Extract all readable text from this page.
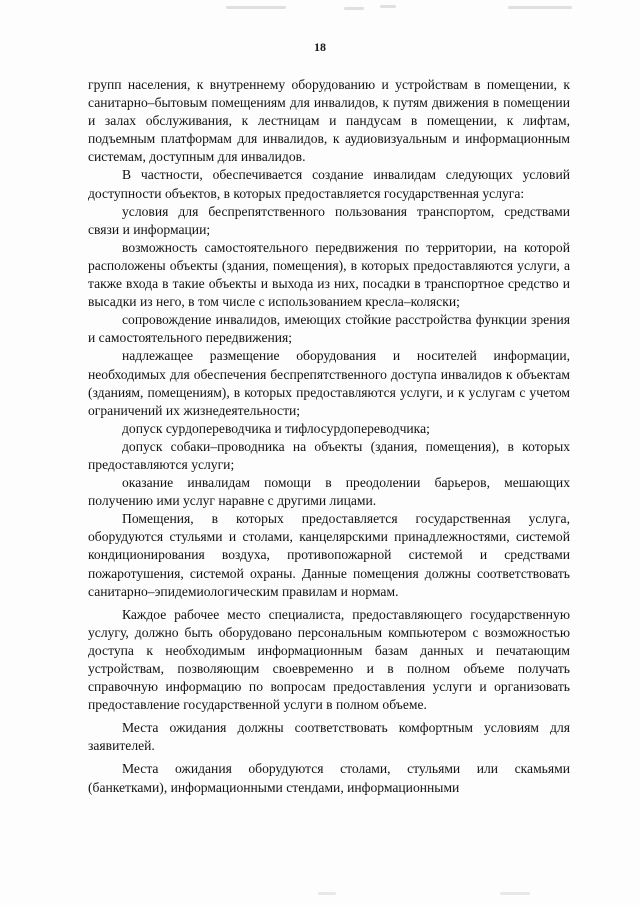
18

групп населения, к внутреннему оборудованию и устройствам в помещении, к санитарно–бытовым помещениям для инвалидов, к путям движения в помещении и залах обслуживания, к лестницам и пандусам в помещении, к лифтам, подъемным платформам для инвалидов, к аудиовизуальным и информационным системам, доступным для инвалидов.

В частности, обеспечивается создание инвалидам следующих условий доступности объектов, в которых предоставляется государственная услуга:

условия для беспрепятственного пользования транспортом, средствами связи и информации;

возможность самостоятельного передвижения по территории, на которой расположены объекты (здания, помещения), в которых предоставляются услуги, а также входа в такие объекты и выхода из них, посадки в транспортное средство и высадки из него, в том числе с использованием кресла–коляски;

сопровождение инвалидов, имеющих стойкие расстройства функции зрения и самостоятельного передвижения;

надлежащее размещение оборудования и носителей информации, необходимых для обеспечения беспрепятственного доступа инвалидов к объектам (зданиям, помещениям), в которых предоставляются услуги, и к услугам с учетом ограничений их жизнедеятельности;

допуск сурдопереводчика и тифлосурдопереводчика;

допуск собаки–проводника на объекты (здания, помещения), в которых предоставляются услуги;

оказание инвалидам помощи в преодолении барьеров, мешающих получению ими услуг наравне с другими лицами.

Помещения, в которых предоставляется государственная услуга, оборудуются стульями и столами, канцелярскими принадлежностями, системой кондиционирования воздуха, противопожарной системой и средствами пожаротушения, системой охраны. Данные помещения должны соответствовать санитарно–эпидемиологическим правилам и нормам.

Каждое рабочее место специалиста, предоставляющего государственную услугу, должно быть оборудовано персональным компьютером с возможностью доступа к необходимым информационным базам данных и печатающим устройствам, позволяющим своевременно и в полном объеме получать справочную информацию по вопросам предоставления услуги и организовать предоставление государственной услуги в полном объеме.

Места ожидания должны соответствовать комфортным условиям для заявителей.

Места ожидания оборудуются столами, стульями или скамьями (банкетками), информационными стендами, информационными
